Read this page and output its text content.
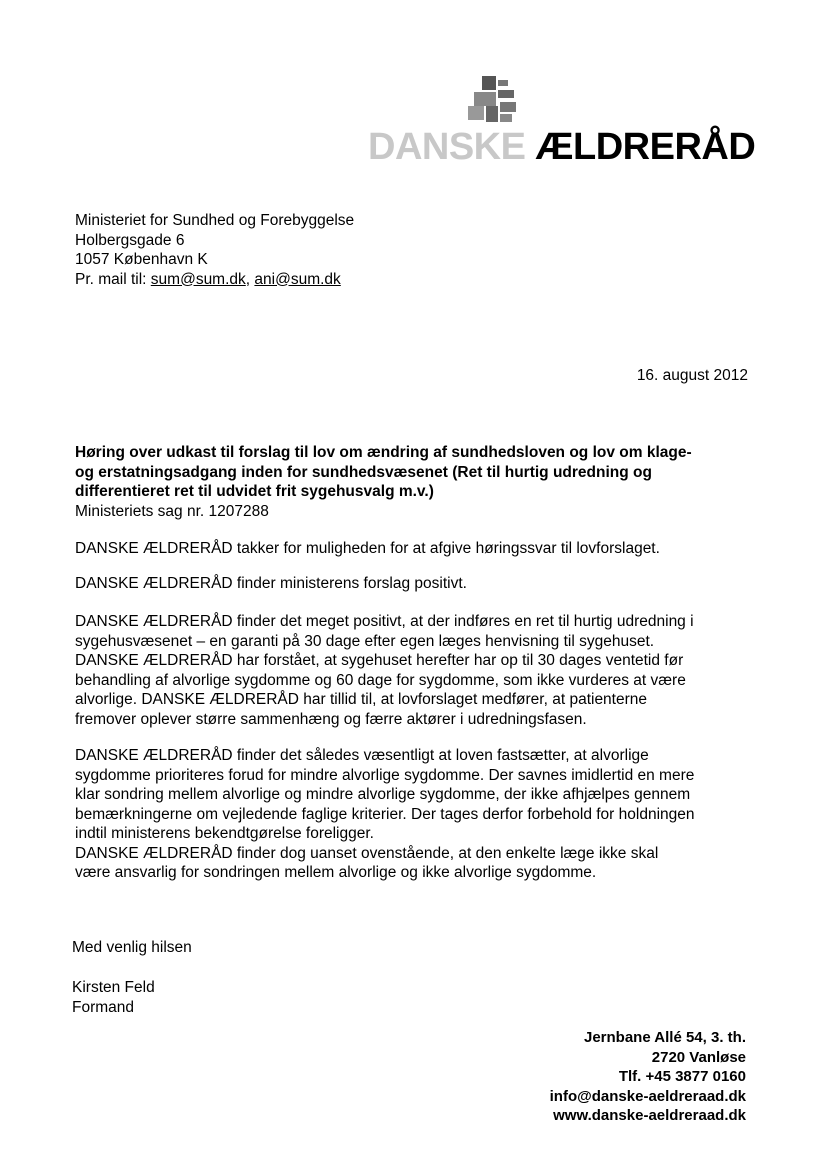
DANSKE ÆLDRERÅD
Ministeriet for Sundhed og Forebyggelse
Holbergsgade 6
1057 København K
Pr. mail til: sum@sum.dk, ani@sum.dk
16. august 2012
Høring over udkast til forslag til lov om ændring af sundhedsloven og lov om klage-
og erstatningsadgang inden for sundhedsvæsenet (Ret til hurtig udredning og
differentieret ret til udvidet frit sygehusvalg m.v.)
Ministeriets sag nr. 1207288
DANSKE ÆLDRERÅD takker for muligheden for at afgive høringssvar til lovforslaget.
DANSKE ÆLDRERÅD finder ministerens forslag positivt.
DANSKE ÆLDRERÅD finder det meget positivt, at der indføres en ret til hurtig udredning i
sygehusvæsenet – en garanti på 30 dage efter egen læges henvisning til sygehuset.
DANSKE ÆLDRERÅD har forstået, at sygehuset herefter har op til 30 dages ventetid før
behandling af alvorlige sygdomme og 60 dage for sygdomme, som ikke vurderes at være
alvorlige. DANSKE ÆLDRERÅD har tillid til, at lovforslaget medfører, at patienterne
fremover oplever større sammenhæng og færre aktører i udredningsfasen.
DANSKE ÆLDRERÅD finder det således væsentligt at loven fastsætter, at alvorlige
sygdomme prioriteres forud for mindre alvorlige sygdomme. Der savnes imidlertid en mere
klar sondring mellem alvorlige og mindre alvorlige sygdomme, der ikke afhjælpes gennem
bemærkningerne om vejledende faglige kriterier. Der tages derfor forbehold for holdningen
indtil ministerens bekendtgørelse foreligger.
DANSKE ÆLDRERÅD finder dog uanset ovenstående, at den enkelte læge ikke skal
være ansvarlig for sondringen mellem alvorlige og ikke alvorlige sygdomme.
Med venlig hilsen
Kirsten Feld
Formand
Jernbane Allé 54, 3. th.
2720 Vanløse
Tlf. +45 3877 0160
info@danske-aeldreraad.dk
www.danske-aeldreraad.dk
